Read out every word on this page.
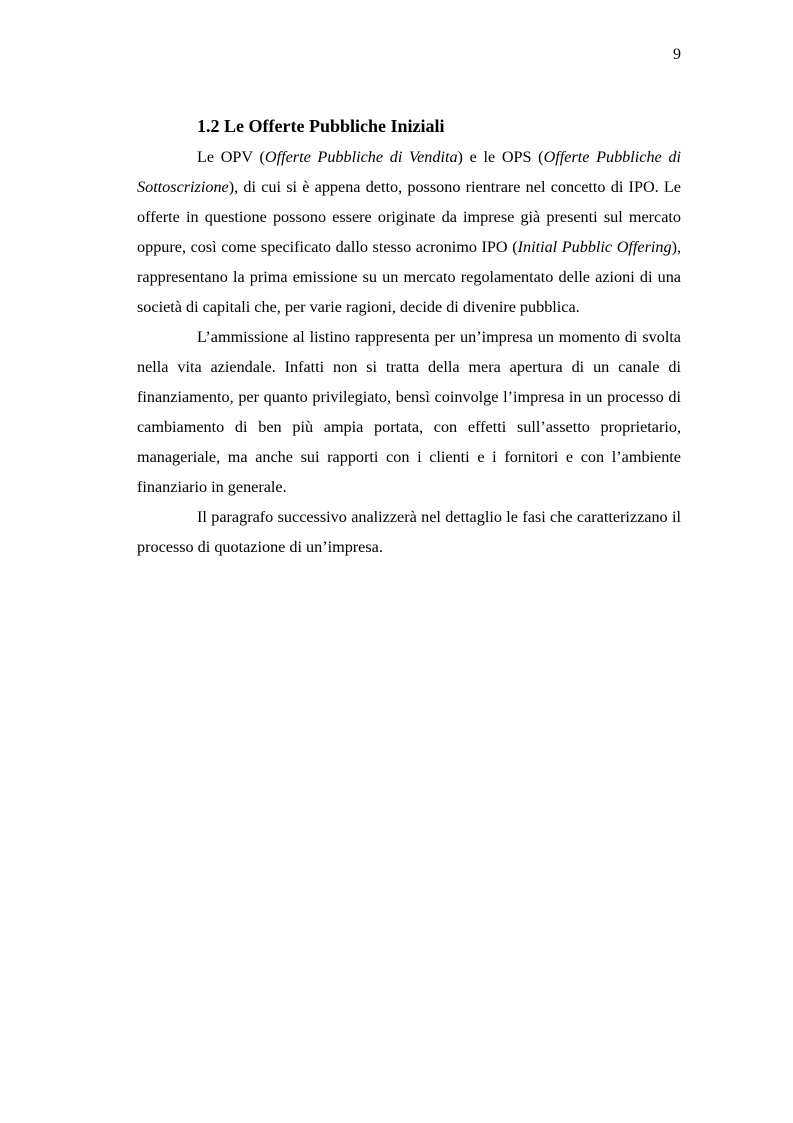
9
1.2 Le Offerte Pubbliche Iniziali

Le OPV (Offerte Pubbliche di Vendita) e le OPS (Offerte Pubbliche di Sottoscrizione), di cui si è appena detto, possono rientrare nel concetto di IPO. Le offerte in questione possono essere originate da imprese già presenti sul mercato oppure, così come specificato dallo stesso acronimo IPO (Initial Pubblic Offering), rappresentano la prima emissione su un mercato regolamentato delle azioni di una società di capitali che, per varie ragioni, decide di divenire pubblica.

L’ammissione al listino rappresenta per un’impresa un momento di svolta nella vita aziendale. Infatti non si tratta della mera apertura di un canale di finanziamento, per quanto privilegiato, bensì coinvolge l’impresa in un processo di cambiamento di ben più ampia portata, con effetti sull’assetto proprietario, manageriale, ma anche sui rapporti con i clienti e i fornitori e con l’ambiente finanziario in generale.

Il paragrafo successivo analizzerà nel dettaglio le fasi che caratterizzano il processo di quotazione di un’impresa.
